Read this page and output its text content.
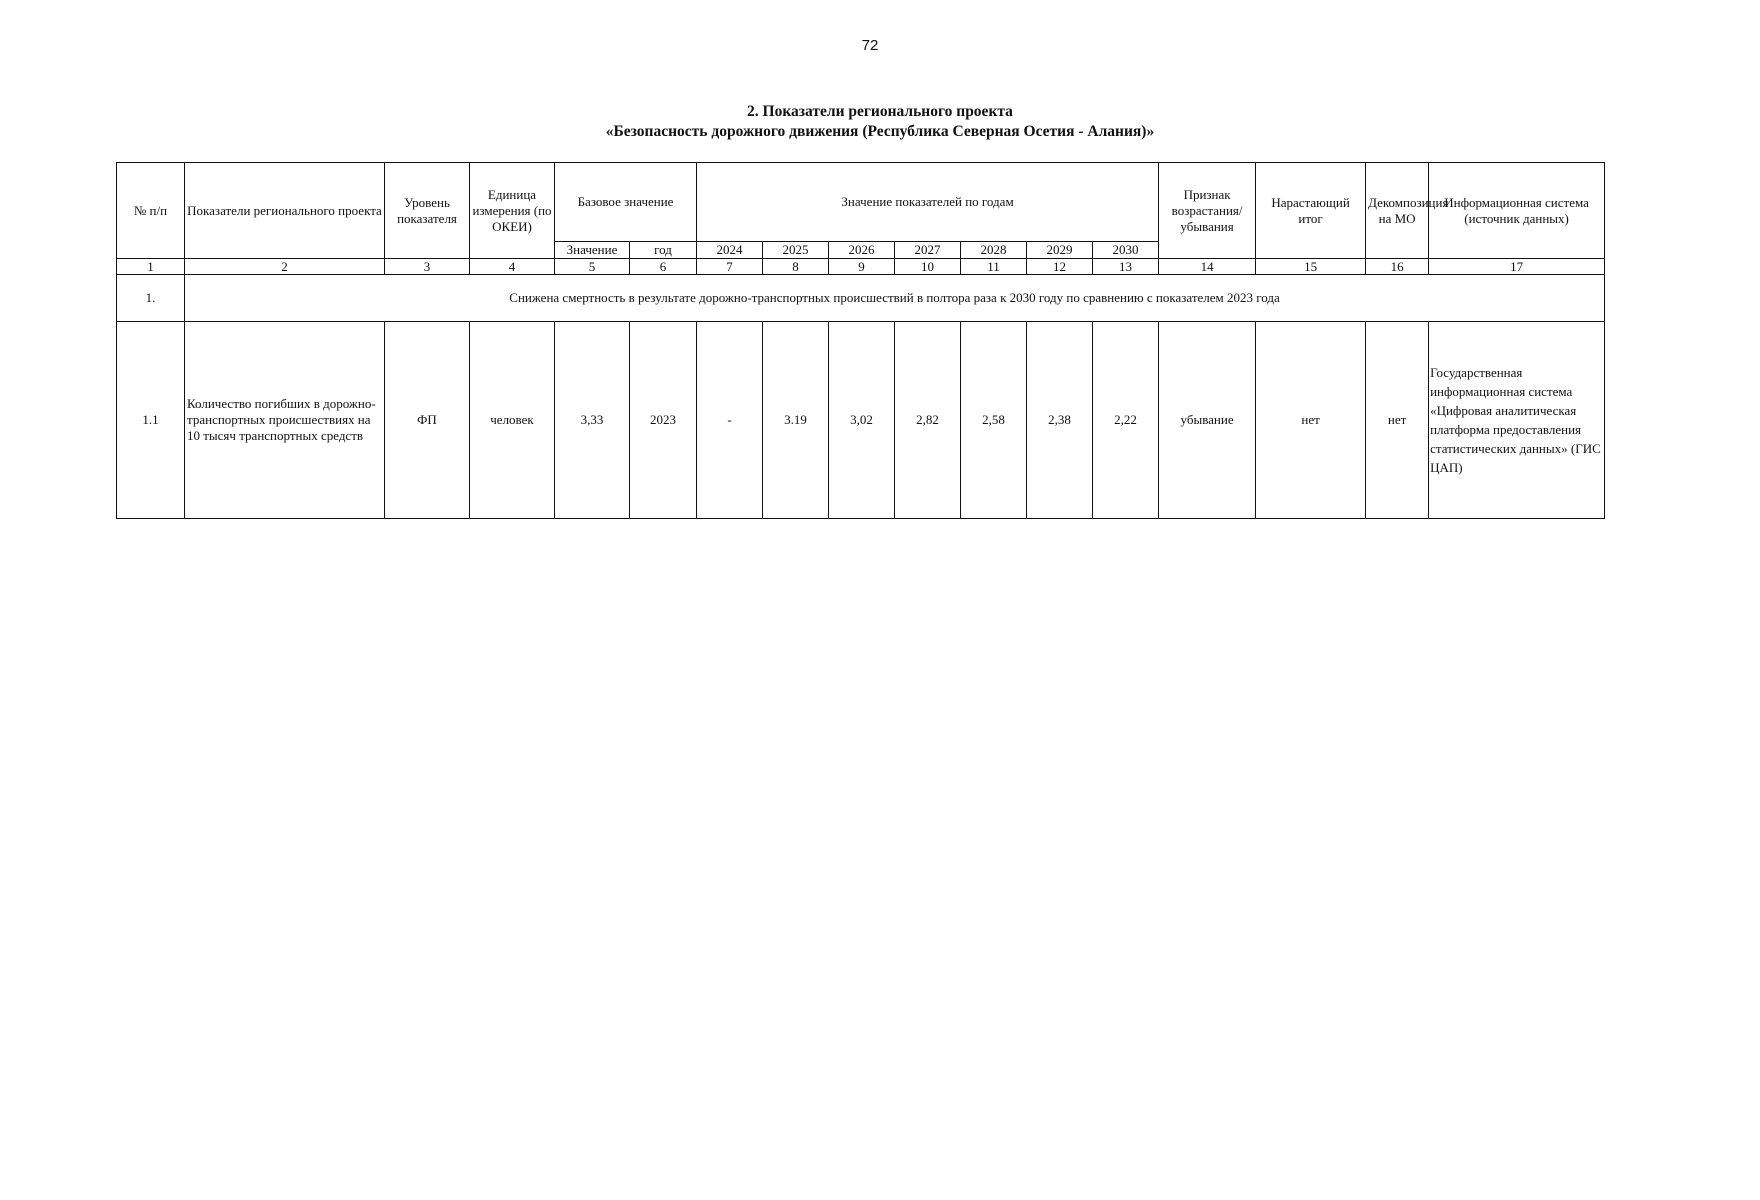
72
2. Показатели регионального проекта
«Безопасность дорожного движения (Республика Северная Осетия - Алания)»
№ п/п	Показатели регионального проекта	Уровень показателя	Единица измерения (по ОКЕИ)	Базовое значение		Значение показателей по годам							Признак возрастания/убывания	Нарастающий итог	Декомпозиция на МО	Информационная система (источник данных)
				Значение	год	2024	2025	2026	2027	2028	2029	2030				
1	2	3	4	5	6	7	8	9	10	11	12	13	14	15	16	17
1.	Снижена смертность в результате дорожно-транспортных происшествий в полтора раза к 2030 году по сравнению с показателем 2023 года															
1.1	Количество погибших в дорожно-транспортных происшествиях на 10 тысяч транспортных средств	ФП	человек	3,33	2023	-	3.19	3,02	2,82	2,58	2,38	2,22	убывание	нет	нет	Государственная информационная система «Цифровая аналитическая платформа предоставления статистических данных» (ГИС ЦАП)
